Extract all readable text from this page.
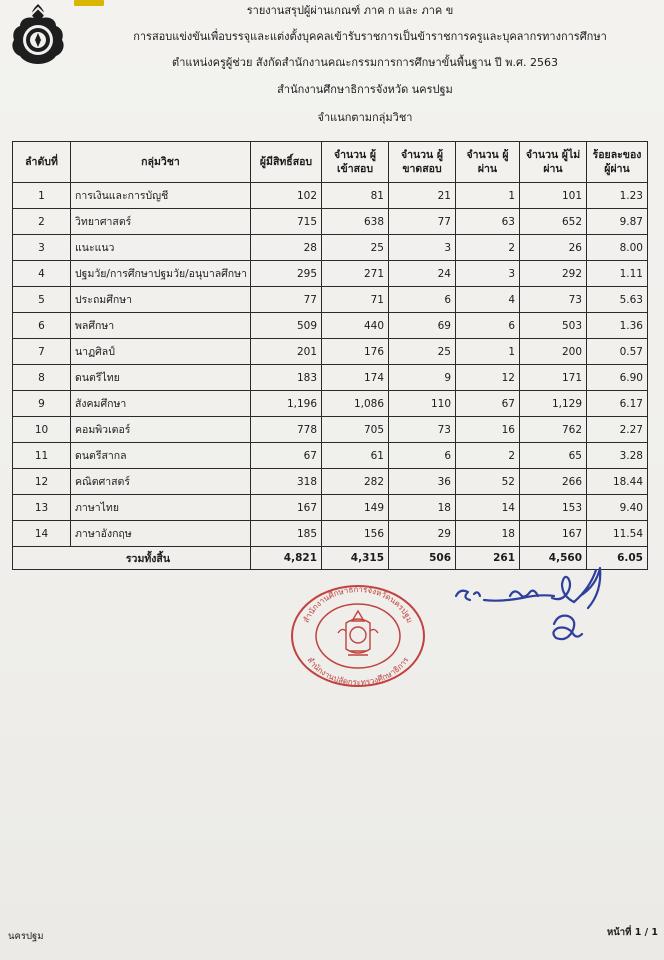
รายงานสรุปผู้ผ่านเกณฑ์ ภาค ก และ ภาค ข
การสอบแข่งขันเพื่อบรรจุและแต่งตั้งบุคคลเข้ารับราชการเป็นข้าราชการครูและบุคลากรทางการศึกษา
ตำแหน่งครูผู้ช่วย สังกัดสำนักงานคณะกรรมการการศึกษาขั้นพื้นฐาน ปี พ.ศ. 2563
สำนักงานศึกษาธิการจังหวัด นครปฐม
จำแนกตามกลุ่มวิชา
ลำดับที่	กลุ่มวิชา	ผู้มีสิทธิ์สอบ	จำนวน ผู้เข้าสอบ	จำนวน ผู้ขาดสอบ	จำนวน ผู้ผ่าน	จำนวน ผู้ไม่ผ่าน	ร้อยละของ ผู้ผ่าน
1	การเงินและการบัญชี	102	81	21	1	101	1.23
2	วิทยาศาสตร์	715	638	77	63	652	9.87
3	แนะแนว	28	25	3	2	26	8.00
4	ปฐมวัย/การศึกษาปฐมวัย/อนุบาลศึกษา	295	271	24	3	292	1.11
5	ประถมศึกษา	77	71	6	4	73	5.63
6	พลศึกษา	509	440	69	6	503	1.36
7	นาฏศิลป์	201	176	25	1	200	0.57
8	ดนตรีไทย	183	174	9	12	171	6.90
9	สังคมศึกษา	1,196	1,086	110	67	1,129	6.17
10	คอมพิวเตอร์	778	705	73	16	762	2.27
11	ดนตรีสากล	67	61	6	2	65	3.28
12	คณิตศาสตร์	318	282	36	52	266	18.44
13	ภาษาไทย	167	149	18	14	153	9.40
14	ภาษาอังกฤษ	185	156	29	18	167	11.54
รวมทั้งสิ้น		4,821	4,315	506	261	4,560	6.05
สำนักงานศึกษาธิการจังหวัดนครปฐม
สำนักงานปลัดกระทรวงศึกษาธิการ
นครปฐม	หน้าที่ 1 / 1
